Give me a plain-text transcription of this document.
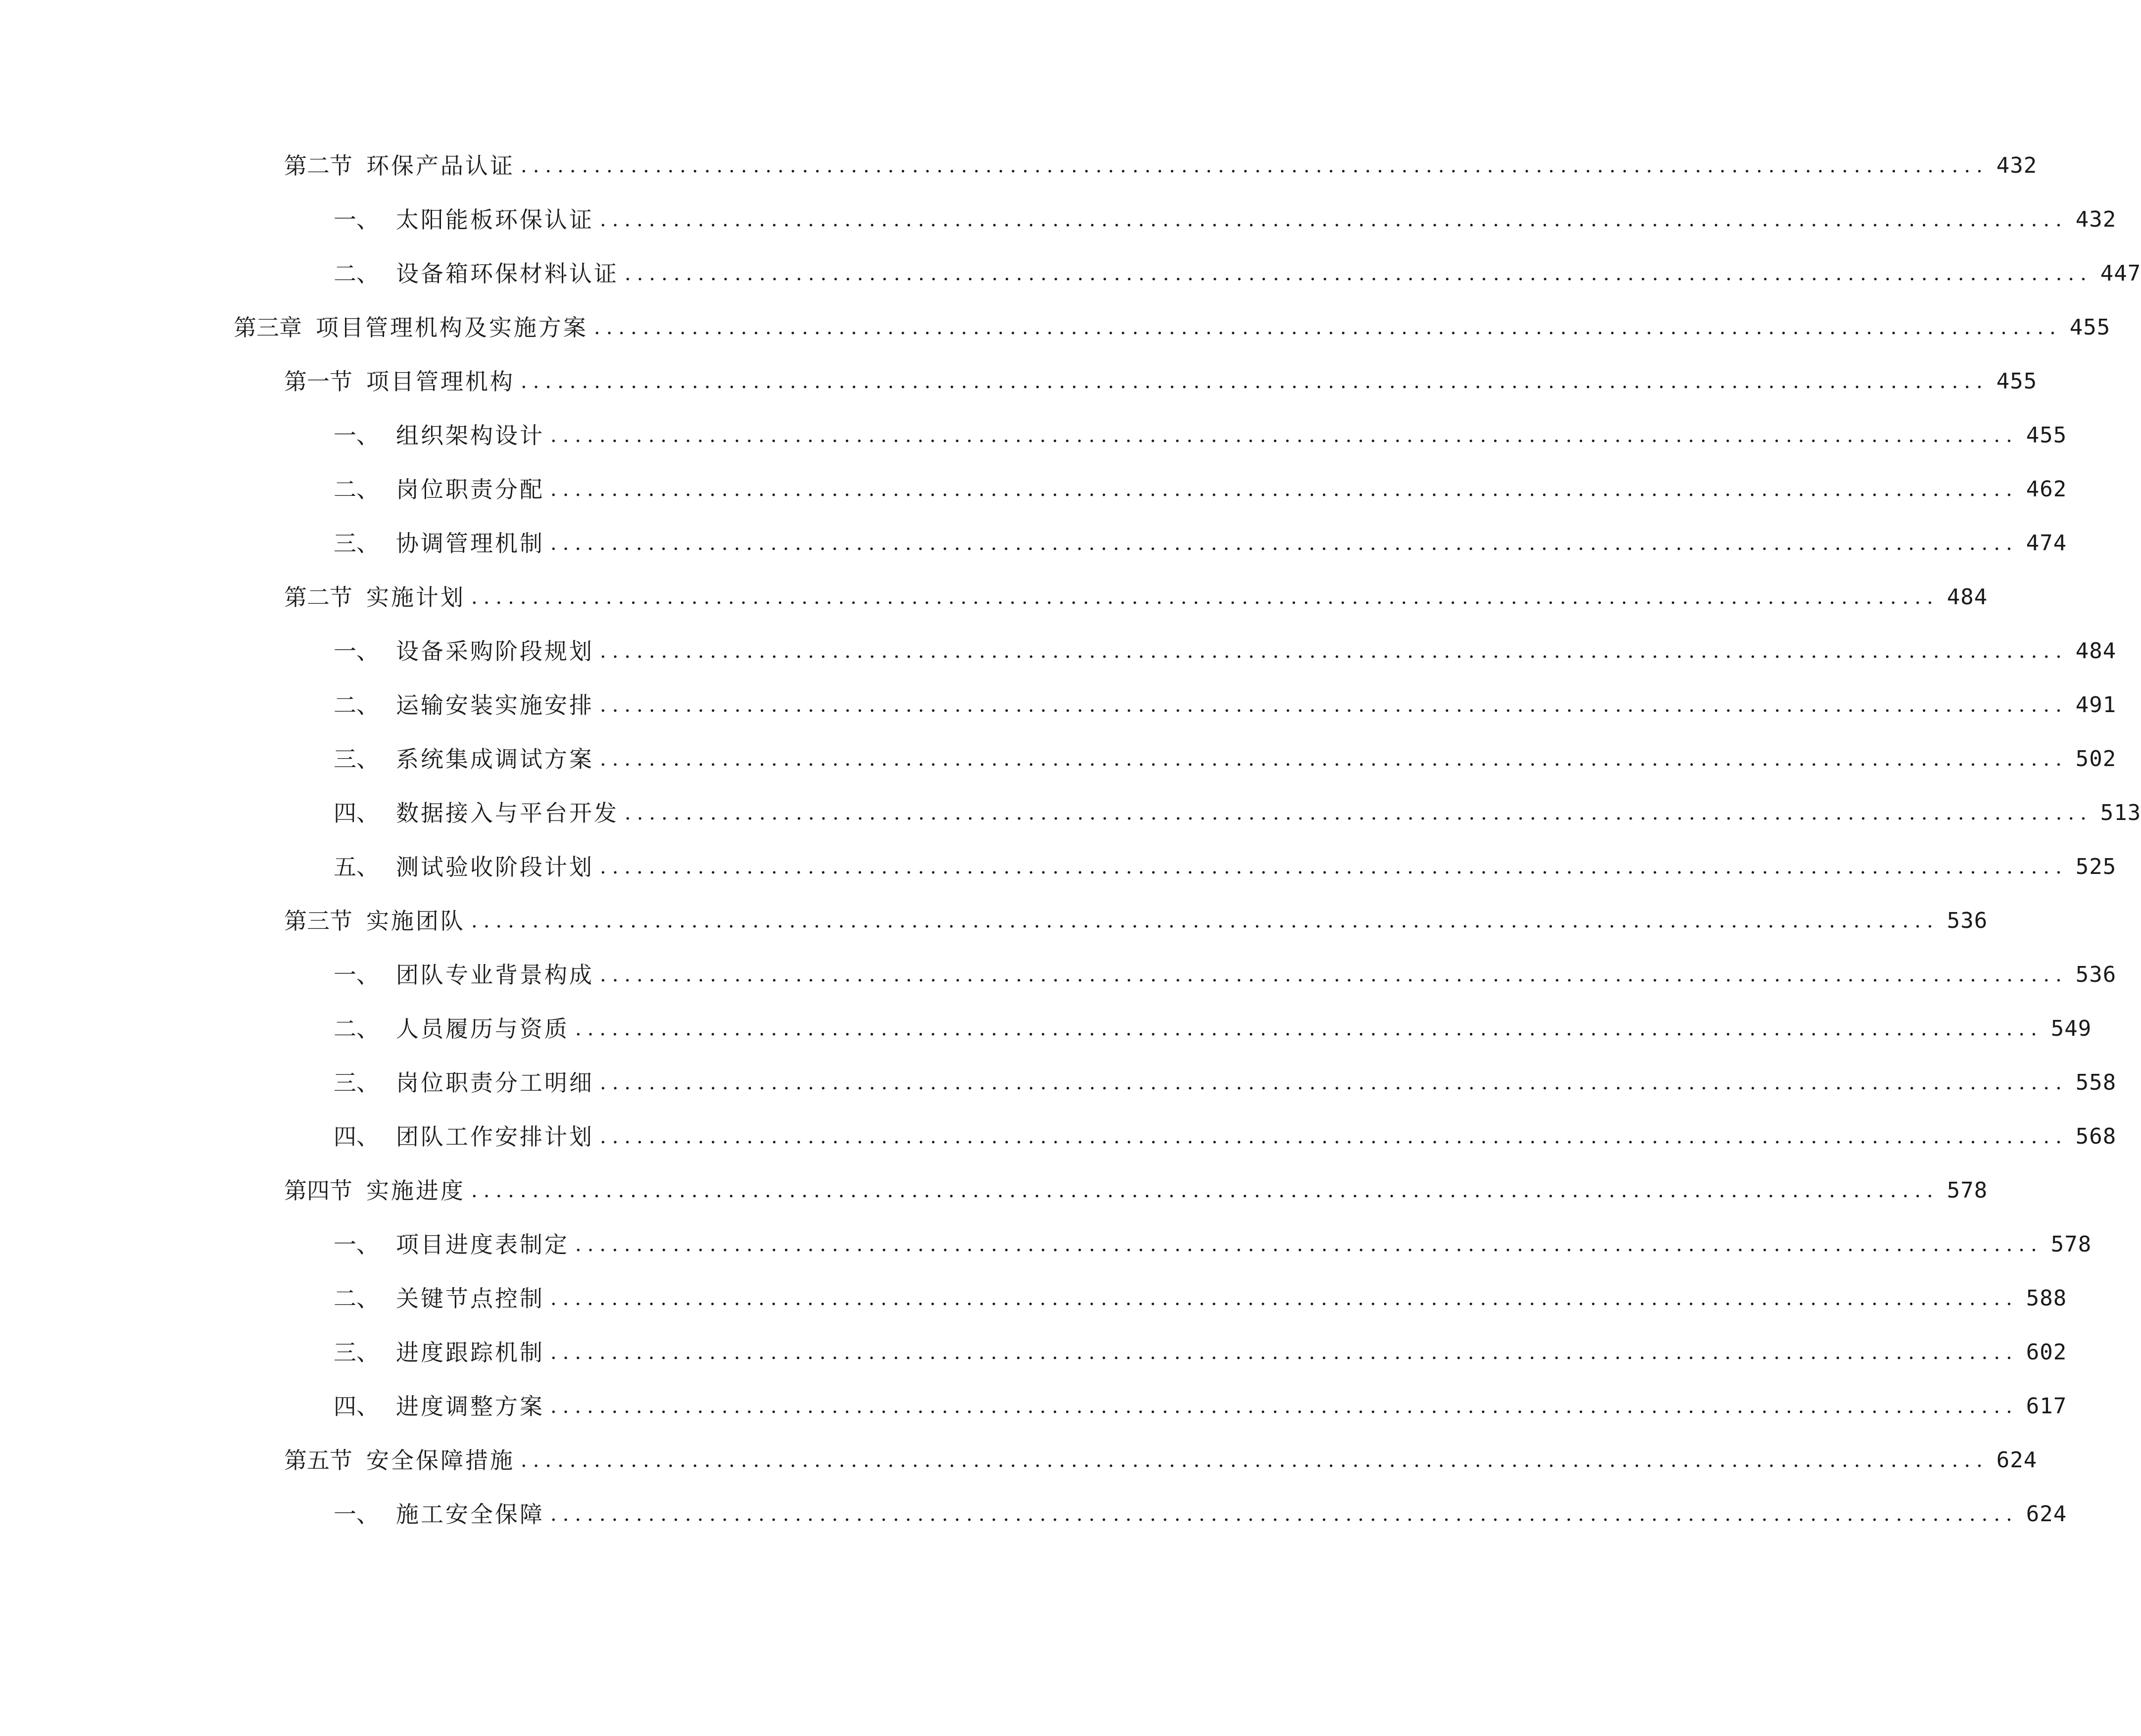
第二节 环保产品认证 ........................................................................................................................ 432
一、 太阳能板环保认证 ........................................................................................................................ 432
二、 设备箱环保材料认证 ........................................................................................................................ 447
第三章 项目管理机构及实施方案 ........................................................................................................................ 455
第一节 项目管理机构 ........................................................................................................................ 455
一、 组织架构设计 ........................................................................................................................ 455
二、 岗位职责分配 ........................................................................................................................ 462
三、 协调管理机制 ........................................................................................................................ 474
第二节 实施计划 ........................................................................................................................ 484
一、 设备采购阶段规划 ........................................................................................................................ 484
二、 运输安装实施安排 ........................................................................................................................ 491
三、 系统集成调试方案 ........................................................................................................................ 502
四、 数据接入与平台开发 ........................................................................................................................ 513
五、 测试验收阶段计划 ........................................................................................................................ 525
第三节 实施团队 ........................................................................................................................ 536
一、 团队专业背景构成 ........................................................................................................................ 536
二、 人员履历与资质 ........................................................................................................................ 549
三、 岗位职责分工明细 ........................................................................................................................ 558
四、 团队工作安排计划 ........................................................................................................................ 568
第四节 实施进度 ........................................................................................................................ 578
一、 项目进度表制定 ........................................................................................................................ 578
二、 关键节点控制 ........................................................................................................................ 588
三、 进度跟踪机制 ........................................................................................................................ 602
四、 进度调整方案 ........................................................................................................................ 617
第五节 安全保障措施 ........................................................................................................................ 624
一、 施工安全保障 ........................................................................................................................ 624
